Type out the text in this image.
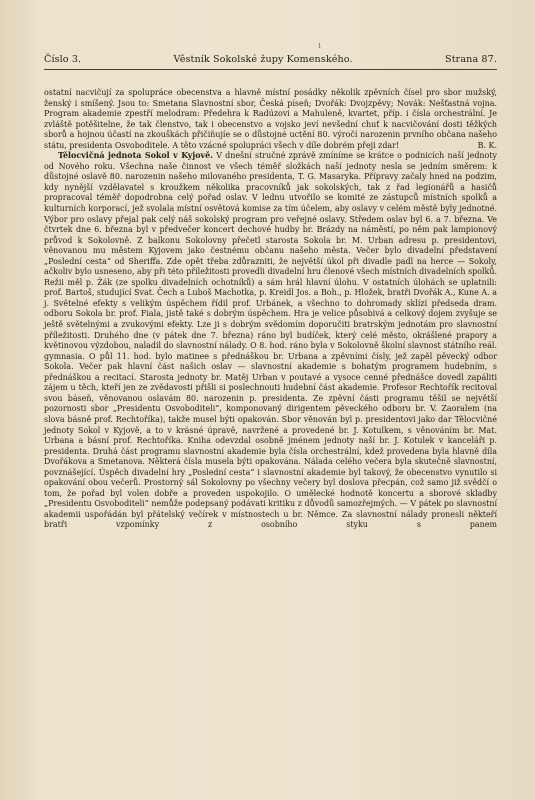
ı
Číslo 3.	Věstník Sokolské župy Komenského.	Strana 87.

ostatní nacvičují za spolupráce obecenstva a hlavně místní posádky několik zpěvních čísel pro sbor mužský, ženský i smíšený. Jsou to: Smetana Slavnostní sbor, Česká píseň; Dvořák: Dvojzpěvy; Novák: Nešťastná vojna. Program akademie zpestří melodram: Předehra k Radúzovi a Mahuleně, kvartet, příp. i čísla orchestrální. Je zvláště potěšitelne, že tak členstvo, tak i obecenstvo a vojsko jeví nevšední chuť k nacvičování dosti těžkých sborů a hojnou účastí na zkouškách přičiňujíe se o důstojné uctění 80. výročí narozenin prvního občana našeho státu, presidenta Osvoboditele. A těto vzácné spolupráci všech v díle dobrém přeji zdar!	B. K.

Tělocvičná jednota Sokol v Kyjově. V dnešní stručné zprávě zmíníme se krátce o podnicích naší jednoty od Nového roku. Všechna naše činnost ve všech téměř složkách naší jednoty nesla se jedním směrem: k důstojné oslavě 80. narozenin našeho milovaného presidenta, T. G. Masaryka. Přípravy začaly hned na podzim, kdy nynější vzdělavatel s kroužkem několika pracovníků jak sokolských, tak z řad legionářů a hasičů propracoval téměř dopodrobna celý pořad oslav. V lednu utvořilo se komité ze zástupců místních spolků a kulturních korporací, jež svolala místní osvětová komise za tím účelem, aby oslavy v celém městě byly jednotné. Výbor pro oslavy přejal pak celý náš sokolský program pro veřejné oslavy. Středem oslav byl 6. a 7. března. Ve čtvrtek dne 6. března byl v předvečer koncert dechové hudby br. Brázdy na náměstí, po něm pak lampionový průvod k Sokolovně. Z balkonu Sokolovny přečetl starosta Sokola br. M. Urban adresu p. presidentovi, věnovanou mu městem Kyjovem jako čestnému občanu našeho města. Večer bylo divadelní představení „Poslední cesta“ od Sheriffa. Zde opět třeba zdůrazniti, že největší úkol při divadle padl na herce — Sokoly, ačkoliv bylo usneseno, aby při této příležitosti provedli divadelní hru členové všech místních divadelních spolků. Režii měl p. Žák (ze spolku divadelních ochotníků) a sám hrál hlavní úlohu. V ostatních úlohách se uplatnili: prof. Bartoš, studující Svat. Čech a Luboš Machotka, p. Kreidl Jos. a Boh., p. Hložek, bratři Dvořák A., Kune A. a j. Světelné efekty s velikým úspěchem řídil prof. Urbánek, a všechno to dohromady sklízí předseda dram. odboru Sokola br. prof. Fiala, jistě také s dobrým úspěchem. Hra je velice působivá a celkový dojem zvyšuje se ještě světelnými a zvukovými efekty. Lze ji s dobrým svědomím doporučiti bratrským jednotám pro slavnostní příležitosti. Druhého dne (v pátek dne 7. března) ráno byl budíček, který celé město, okrášlené prapory a květinovou výzdobou, naladil do slavnostní nálady. O 8. hod. ráno byla v Sokolovně školní slavnost státního reál. gymnasia. O půl 11. hod. bylo matinee s přednáškou br. Urbana a zpěvními čísly, jež zapěl pěvecký odbor Sokola. Večer pak hlavní část našich oslav — slavnostní akademie s bohatým programem hudebním, s přednáškou a recitací. Starosta jednoty br. Matěj Urban v poutavé a vysoce cenné přednášce dovedl zapáliti zájem u těch, kteří jen ze zvědavosti přišli si poslechnouti hudební část akademie. Profesor Rechtořík recitoval svou báseň, věnovanou oslavám 80. narozenin p. presidenta. Ze zpěvní části programu těšil se největší pozornosti sbor „Presidentu Osvoboditeli“, komponovaný dirigentem pěveckého odboru br. V. Zaoralem (na slova básně prof. Rechtoříka), takže musel býti opakován. Sbor věnován byl p. presidentovi jako dar Tělocvičné jednoty Sokol v Kyjově, a to v krásné úpravě, navržené a provedené br. J. Kotulkem, s věnováním br. Mat. Urbana a básní prof. Rechtoříka. Kniha odevzdal osobně jménem jednoty naší br. J. Kotulek v kanceláři p. presidenta. Druhá část programu slavnostní akademie byla čísla orchestrální, kdež provedena byla hlavně díla Dvořákova a Smetanova. Některá čísla musela býti opakována. Nálada celého večera byla skutečně slavnostní, povznášející. Úspěch divadelní hry „Poslední cesta“ i slavnostní akademie byl takový, že obecenstvo vynutilo si opakování obou večerů. Prostorný sál Sokolovny po všechny večery byl doslova přecpán, což samo již svědčí o tom, že pořad byl volen dobře a proveden uspokojilo. O umělecké hodnotě koncertu a sborové skladby „Presidentu Osvoboditeli“ nemůže podepsaný podávati kritiku z důvodů samozřejmých. — V pátek po slavnostní akademii uspořádán byl přátelský večírek v místnostech u br. Němce. Za slavnostní nálady pronesli někteří bratři vzpomínky z osobního styku s panem
